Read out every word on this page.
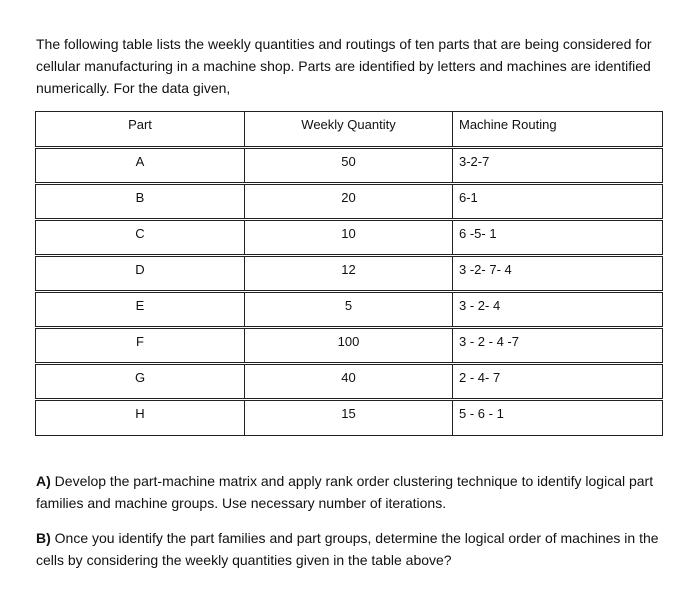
The following table lists the weekly quantities and routings of ten parts that are being considered for cellular manufacturing in a machine shop. Parts are identified by letters and machines are identified numerically. For the data given,

Part	Weekly Quantity	Machine Routing
A	50	3-2-7
B	20	6-1
C	10	6 -5- 1
D	12	3 -2- 7- 4
E	5	3 - 2- 4
F	100	3 - 2 - 4 -7
G	40	2 - 4- 7
H	15	5 - 6 - 1

A) Develop the part-machine matrix and apply rank order clustering technique to identify logical part families and machine groups. Use necessary number of iterations.

B) Once you identify the part families and part groups, determine the logical order of machines in the cells by considering the weekly quantities given in the table above?
